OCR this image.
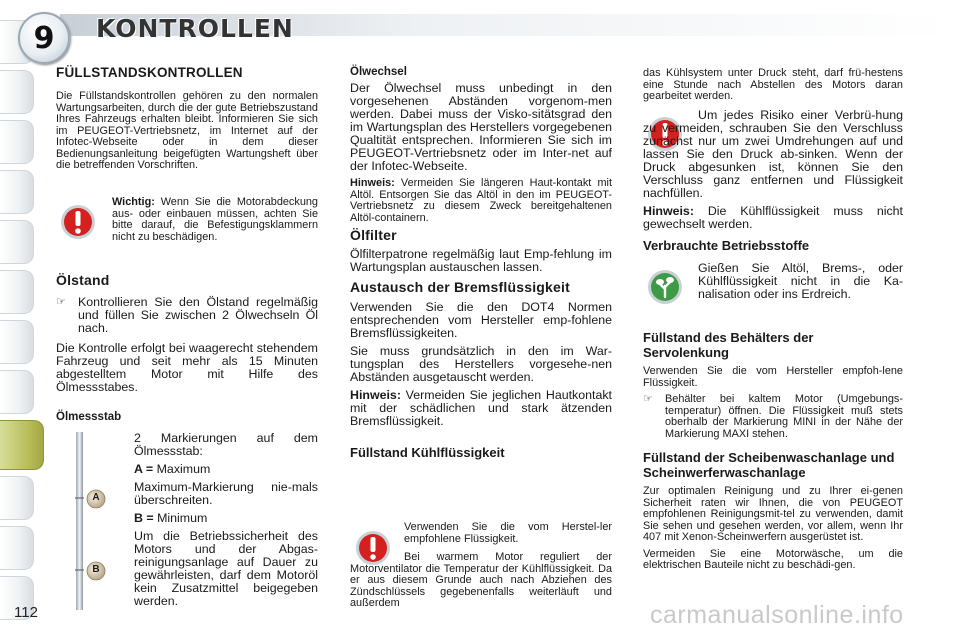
9	KONTROLLEN
FÜLLSTANDSKONTROLLEN

Die Füllstandskontrollen gehören zu den normalen Wartungsarbeiten, durch die der gute Betriebszustand Ihres Fahrzeugs erhalten bleibt. Informieren Sie sich im PEUGEOT-Vertriebsnetz, im Internet auf der Infotec-Webseite oder in dem dieser Bedienungsanleitung beigefügten Wartungsheft über die betreffenden Vorschriften.

Wichtig: Wenn Sie die Motorabdeckung aus- oder einbauen müssen, achten Sie bitte darauf, die Befestigungsklammern nicht zu beschädigen.

Ölstand
☞ Kontrollieren Sie den Ölstand regelmäßig und füllen Sie zwischen 2 Ölwechseln Öl nach.

Die Kontrolle erfolgt bei waagerecht stehendem Fahrzeug und seit mehr als 15 Minuten abgestelltem Motor mit Hilfe des Ölmessstabes.

Ölmessstab
A
B

2 Markierungen auf dem Ölmessstab:

A = Maximum

Maximum-Markierung nie-mals überschreiten.

B = Minimum

Um die Betriebssicherheit des Motors und der Abgas-reinigungsanlage auf Dauer zu gewährleisten, darf dem Motoröl kein Zusatzmittel beigegeben werden.

Ölwechsel

Der Ölwechsel muss unbedingt in den vorgesehenen Abständen vorgenom-men werden. Dabei muss der Visko-sitätsgrad den im Wartungsplan des Herstellers vorgegebenen Qualtität entsprechen. Informieren Sie sich im PEUGEOT-Vertriebsnetz oder im Inter-net auf der Infotec-Webseite.

Hinweis: Vermeiden Sie längeren Haut-kontakt mit Altöl. Entsorgen Sie das Altöl in den im PEUGEOT-Vertriebsnetz zu diesem Zweck bereitgehaltenen Altöl-containern.

Ölfilter

Ölfilterpatrone regelmäßig laut Emp-fehlung im Wartungsplan austauschen lassen.

Austausch der Bremsflüssigkeit

Verwenden Sie die den DOT4 Normen entsprechenden vom Hersteller emp-fohlene Bremsflüssigkeiten.

Sie muss grundsätzlich in den im War-tungsplan des Herstellers vorgesehe-nen Abständen ausgetauscht werden.

Hinweis: Vermeiden Sie jeglichen Hautkontakt mit der schädlichen und stark ätzenden Bremsflüssigkeit.

Füllstand Kühlflüssigkeit

Verwenden Sie die vom Herstel-ler empfohlene Flüssigkeit.

Bei warmem Motor reguliert der Motorventilator die Temperatur der Kühlflüssigkeit. Da er aus diesem Grunde auch nach Abziehen des Zündschlüssels gegebenenfalls weiterläuft und außerdem

das Kühlsystem unter Druck steht, darf frü-hestens eine Stunde nach Abstellen des Motors daran gearbeitet werden.

Um jedes Risiko einer Verbrü-hung zu vermeiden, schrauben Sie den Verschluss zunächst nur um zwei Umdrehungen auf und lassen Sie den Druck ab-sinken. Wenn der Druck abgesunken ist, können Sie den Verschluss ganz entfernen und Flüssigkeit nachfüllen.

Hinweis: Die Kühlflüssigkeit muss nicht gewechselt werden.

Verbrauchte Betriebsstoffe

Gießen Sie Altöl, Brems-, oder Kühlflüssigkeit nicht in die Ka-nalisation oder ins Erdreich.

Füllstand des Behälters der Servolenkung

Verwenden Sie die vom Hersteller empfoh-lene Flüssigkeit.

☞	Behälter bei kaltem Motor (Umgebungs-temperatur) öffnen. Die Flüssigkeit muß stets oberhalb der Markierung MINI in der Nähe der Markierung MAXI stehen.

Füllstand der Scheibenwaschanlage und Scheinwerferwaschanlage

Zur optimalen Reinigung und zu Ihrer ei-genen Sicherheit raten wir Ihnen, die von PEUGEOT empfohlenen Reinigungsmit-tel zu verwenden, damit Sie sehen und gesehen werden, vor allem, wenn Ihr 407 mit Xenon-Scheinwerfern ausgerüstet ist.

Vermeiden Sie eine Motorwäsche, um die elektrischen Bauteile nicht zu beschädi-gen.

112	carmanualsonline.info
